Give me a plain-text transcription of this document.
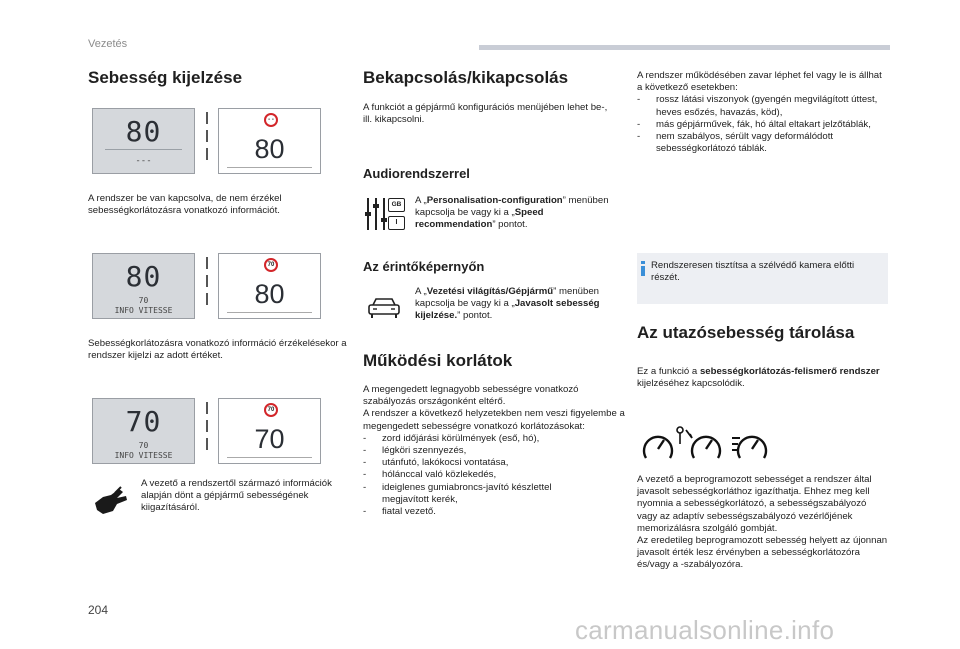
Vezetés
Sebesség kijelzése
80
---
- -
80
A rendszer be van kapcsolva, de nem érzékel sebességkorlátozásra vonatkozó információt.
80
70
INFO VITESSE
70
80
Sebességkorlátozásra vonatkozó információ érzékelésekor a rendszer kijelzi az adott értéket.
70
70
INFO VITESSE
70
70
A vezető a rendszertől származó információk alapján dönt a gépjármű sebességének kiigazításáról.
Bekapcsolás/kikapcsolás
A funkciót a gépjármű konfigurációs menüjében lehet be-, ill. kikapcsolni.
Audiorendszerrel
GB
I
A „Personalisation-configuration” menüben kapcsolja be vagy ki a „Speed recommendation” pontot.
Az érintőképernyőn
A „Vezetési világítás/Gépjármű” menüben kapcsolja be vagy ki a „Javasolt sebesség kijelzése.” pontot.
Működési korlátok
A megengedett legnagyobb sebességre vonatkozó szabályozás országonként eltérő.
A rendszer a következő helyzetekben nem veszi figyelembe a megengedett sebességre vonatkozó korlátozásokat:
- zord időjárási körülmények (eső, hó),
- légköri szennyezés,
- utánfutó, lakókocsi vontatása,
- hólánccal való közlekedés,
- ideiglenes gumiabroncs-javító készlettel megjavított kerék,
- fiatal vezető.
A rendszer működésében zavar léphet fel vagy le is állhat a következő esetekben:
- rossz látási viszonyok (gyengén megvilágított úttest, heves esőzés, havazás, köd),
- más gépjárművek, fák, hó által eltakart jelzőtáblák,
- nem szabályos, sérült vagy deformálódott sebességkorlátozó táblák.
Rendszeresen tisztítsa a szélvédő kamera előtti részét.
Az utazósebesség tárolása
Ez a funkció a sebességkorlátozás-felismerő rendszer kijelzéséhez kapcsolódik.
A vezető a beprogramozott sebességet a rendszer által javasolt sebességkorláthoz igazíthatja. Ehhez meg kell nyomnia a sebességkorlátozó, a sebességszabályozó vagy az adaptív sebességszabályozó vezérlőjének memorizálásra szolgáló gombját.
Az eredetileg beprogramozott sebesség helyett az újonnan javasolt érték lesz érvényben a sebességkorlátozóra és/vagy a -szabályozóra.
204
carmanualsonline.info
